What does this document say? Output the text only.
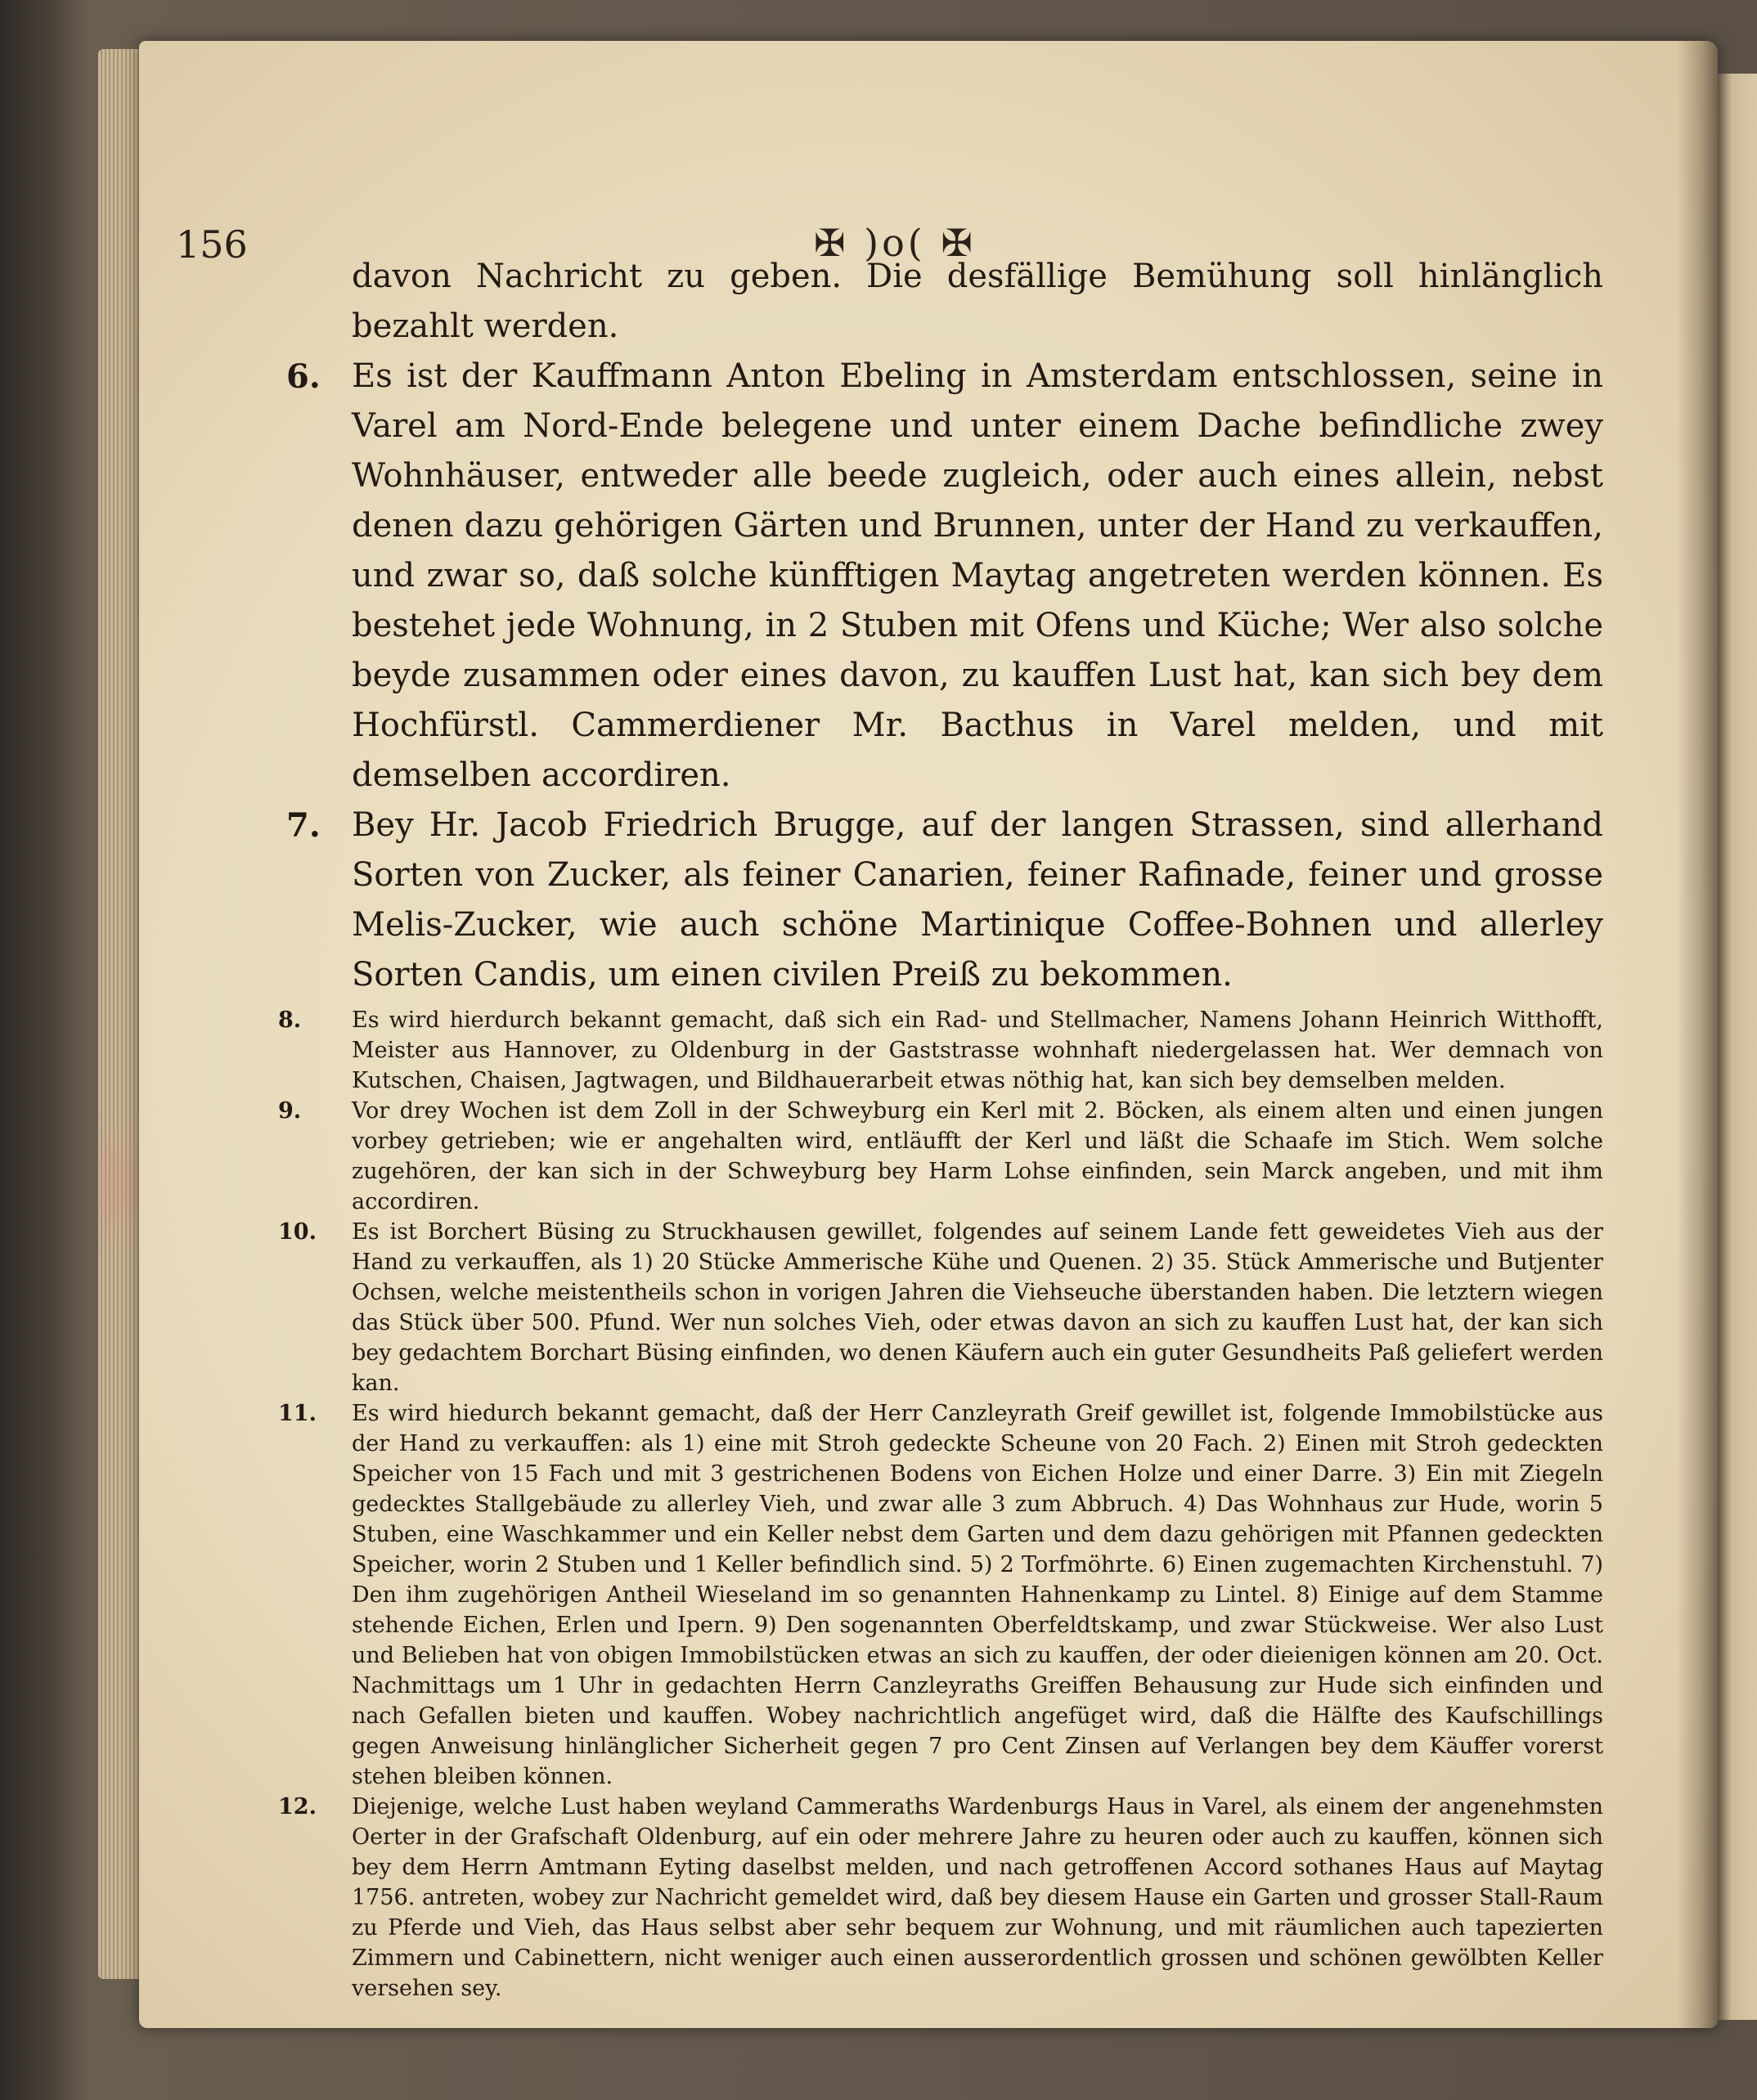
156	✠ )o( ✠

davon Nachricht zu geben. Die desfällige Bemühung soll hinlänglich bezahlt werden.

6. Es ist der Kauffmann Anton Ebeling in Amsterdam entschlossen, seine in Varel am Nord-Ende belegene und unter einem Dache befindliche zwey Wohnhäuser, entweder alle beede zugleich, oder auch eines allein, nebst denen dazu gehörigen Gärten und Brunnen, unter der Hand zu verkauffen, und zwar so, daß solche künfftigen Maytag angetreten werden können. Es bestehet jede Wohnung, in 2 Stuben mit Ofens und Küche; Wer also solche beyde zusammen oder eines davon, zu kauffen Lust hat, kan sich bey dem Hochfürstl. Cammerdiener Mr. Bacthus in Varel melden, und mit demselben accordiren.

7. Bey Hr. Jacob Friedrich Brugge, auf der langen Strassen, sind allerhand Sorten von Zucker, als feiner Canarien, feiner Rafinade, feiner und grosse Melis-Zucker, wie auch schöne Martinique Coffee-Bohnen und allerley Sorten Candis, um einen civilen Preiß zu bekommen.

8. Es wird hierdurch bekannt gemacht, daß sich ein Rad- und Stellmacher, Namens Johann Heinrich Witthofft, Meister aus Hannover, zu Oldenburg in der Gaststrasse wohnhaft niedergelassen hat. Wer demnach von Kutschen, Chaisen, Jagtwagen, und Bildhauerarbeit etwas nöthig hat, kan sich bey demselben melden.

9. Vor drey Wochen ist dem Zoll in der Schweyburg ein Kerl mit 2. Böcken, als einem alten und einen jungen vorbey getrieben; wie er angehalten wird, entläufft der Kerl und läßt die Schaafe im Stich. Wem solche zugehören, der kan sich in der Schweyburg bey Harm Lohse einfinden, sein Marck angeben, und mit ihm accordiren.

10. Es ist Borchert Büsing zu Struckhausen gewillet, folgendes auf seinem Lande fett geweidetes Vieh aus der Hand zu verkauffen, als 1) 20 Stücke Ammerische Kühe und Quenen. 2) 35. Stück Ammerische und Butjenter Ochsen, welche meistentheils schon in vorigen Jahren die Viehseuche überstanden haben. Die letztern wiegen das Stück über 500. Pfund. Wer nun solches Vieh, oder etwas davon an sich zu kauffen Lust hat, der kan sich bey gedachtem Borchart Büsing einfinden, wo denen Käufern auch ein guter Gesundheits Paß geliefert werden kan.

11. Es wird hiedurch bekannt gemacht, daß der Herr Canzleyrath Greif gewillet ist, folgende Immobilstücke aus der Hand zu verkauffen: als 1) eine mit Stroh gedeckte Scheune von 20 Fach. 2) Einen mit Stroh gedeckten Speicher von 15 Fach und mit 3 gestrichenen Bodens von Eichen Holze und einer Darre. 3) Ein mit Ziegeln gedecktes Stallgebäude zu allerley Vieh, und zwar alle 3 zum Abbruch. 4) Das Wohnhaus zur Hude, worin 5 Stuben, eine Waschkammer und ein Keller nebst dem Garten und dem dazu gehörigen mit Pfannen gedeckten Speicher, worin 2 Stuben und 1 Keller befindlich sind. 5) 2 Torfmöhrte. 6) Einen zugemachten Kirchenstuhl. 7) Den ihm zugehörigen Antheil Wieseland im so genannten Hahnenkamp zu Lintel. 8) Einige auf dem Stamme stehende Eichen, Erlen und Ipern. 9) Den sogenannten Oberfeldtskamp, und zwar Stückweise. Wer also Lust und Belieben hat von obigen Immobilstücken etwas an sich zu kauffen, der oder dieienigen können am 20. Oct. Nachmittags um 1 Uhr in gedachten Herrn Canzleyraths Greiffen Behausung zur Hude sich einfinden und nach Gefallen bieten und kauffen. Wobey nachrichtlich angefüget wird, daß die Hälfte des Kaufschillings gegen Anweisung hinlänglicher Sicherheit gegen 7 pro Cent Zinsen auf Verlangen bey dem Käuffer vorerst stehen bleiben können.

12. Diejenige, welche Lust haben weyland Cammeraths Wardenburgs Haus in Varel, als einem der angenehmsten Oerter in der Grafschaft Oldenburg, auf ein oder mehrere Jahre zu heuren oder auch zu kauffen, können sich bey dem Herrn Amtmann Eyting daselbst melden, und nach getroffenen Accord sothanes Haus auf Maytag 1756. antreten, wobey zur Nachricht gemeldet wird, daß bey diesem Hause ein Garten und grosser Stall-Raum zu Pferde und Vieh, das Haus selbst aber sehr bequem zur Wohnung, und mit räumlichen auch tapezierten Zimmern und Cabinettern, nicht weniger auch einen ausserordentlich grossen und schönen gewölbten Keller versehen sey.
